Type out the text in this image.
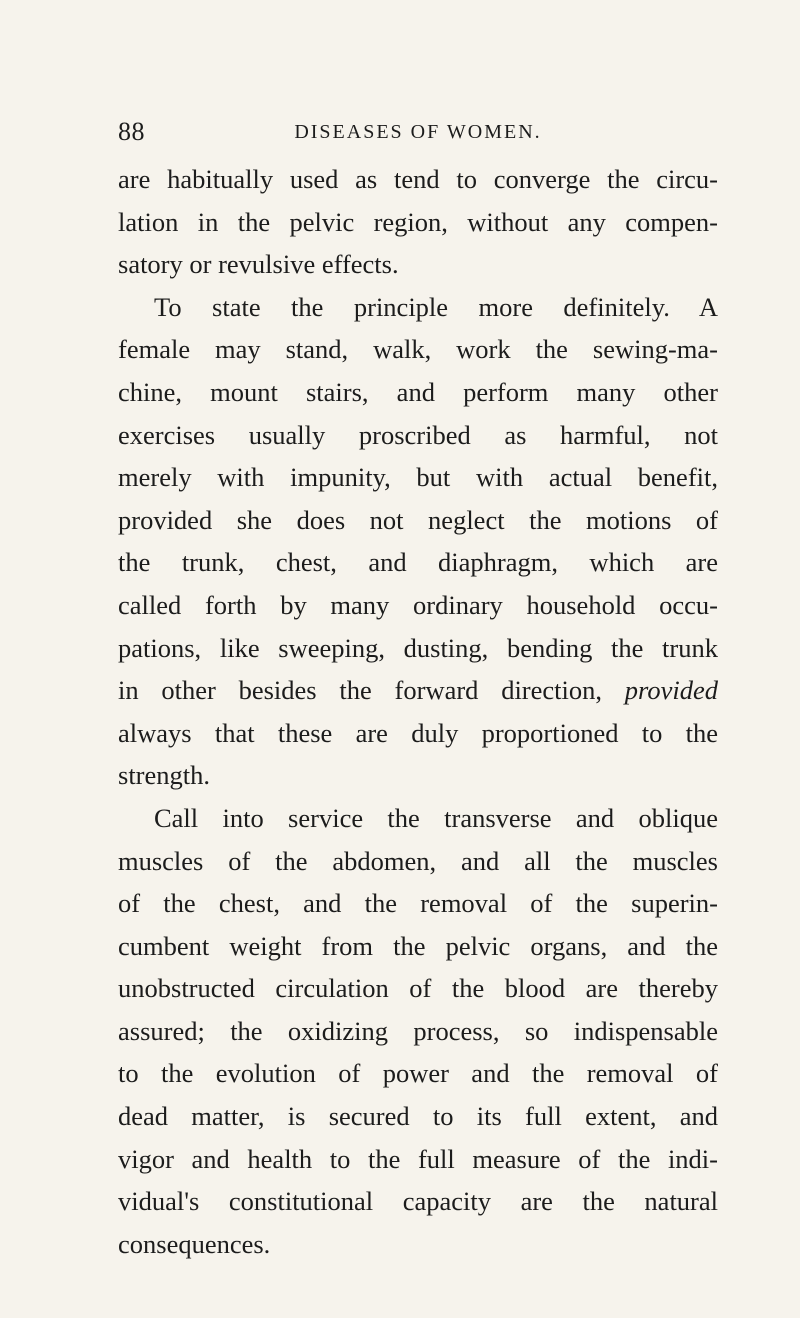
88	DISEASES OF WOMEN.
are habitually used as tend to converge the circu-
lation in the pelvic region, without any compen-
satory or revulsive effects.
To state the principle more definitely. A
female may stand, walk, work the sewing-ma-
chine, mount stairs, and perform many other
exercises usually proscribed as harmful, not
merely with impunity, but with actual benefit,
provided she does not neglect the motions of
the trunk, chest, and diaphragm, which are
called forth by many ordinary household occu-
pations, like sweeping, dusting, bending the trunk
in other besides the forward direction, provided
always that these are duly proportioned to the
strength.
Call into service the transverse and oblique
muscles of the abdomen, and all the muscles
of the chest, and the removal of the superin-
cumbent weight from the pelvic organs, and the
unobstructed circulation of the blood are thereby
assured; the oxidizing process, so indispensable
to the evolution of power and the removal of
dead matter, is secured to its full extent, and
vigor and health to the full measure of the indi-
vidual's constitutional capacity are the natural
consequences.
